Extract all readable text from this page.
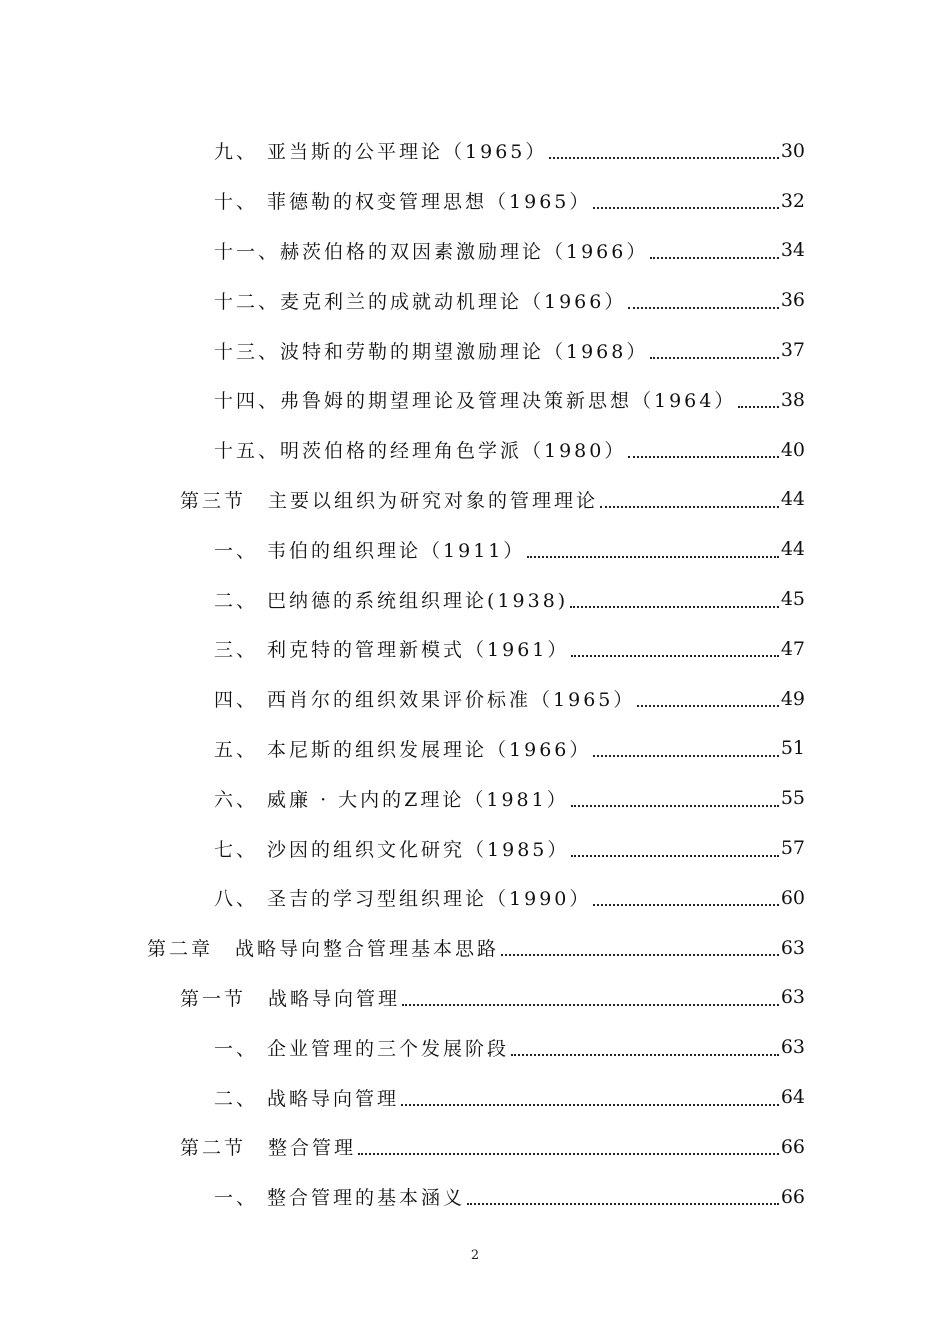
九、 亚当斯的公平理论（1965）	30
十、 菲德勒的权变管理思想（1965）	32
十一、赫茨伯格的双因素激励理论（1966）	34
十二、麦克利兰的成就动机理论（1966）	36
十三、波特和劳勒的期望激励理论（1968）	37
十四、弗鲁姆的期望理论及管理决策新思想（1964） 38
十五、明茨伯格的经理角色学派（1980）	40
第三节　主要以组织为研究对象的管理理论	44
一、 韦伯的组织理论（1911）	44
二、 巴纳德的系统组织理论(1938)	45
三、 利克特的管理新模式（1961）	47
四、 西肖尔的组织效果评价标准（1965）	49
五、 本尼斯的组织发展理论（1966）	51
六、 威廉 · 大内的Z理论（1981）	55
七、 沙因的组织文化研究（1985）	57
八、 圣吉的学习型组织理论（1990）	60
第二章　战略导向整合管理基本思路	63
第一节　战略导向管理	63
一、 企业管理的三个发展阶段	63
二、 战略导向管理	64
第二节　整合管理	66
一、 整合管理的基本涵义	66
2
